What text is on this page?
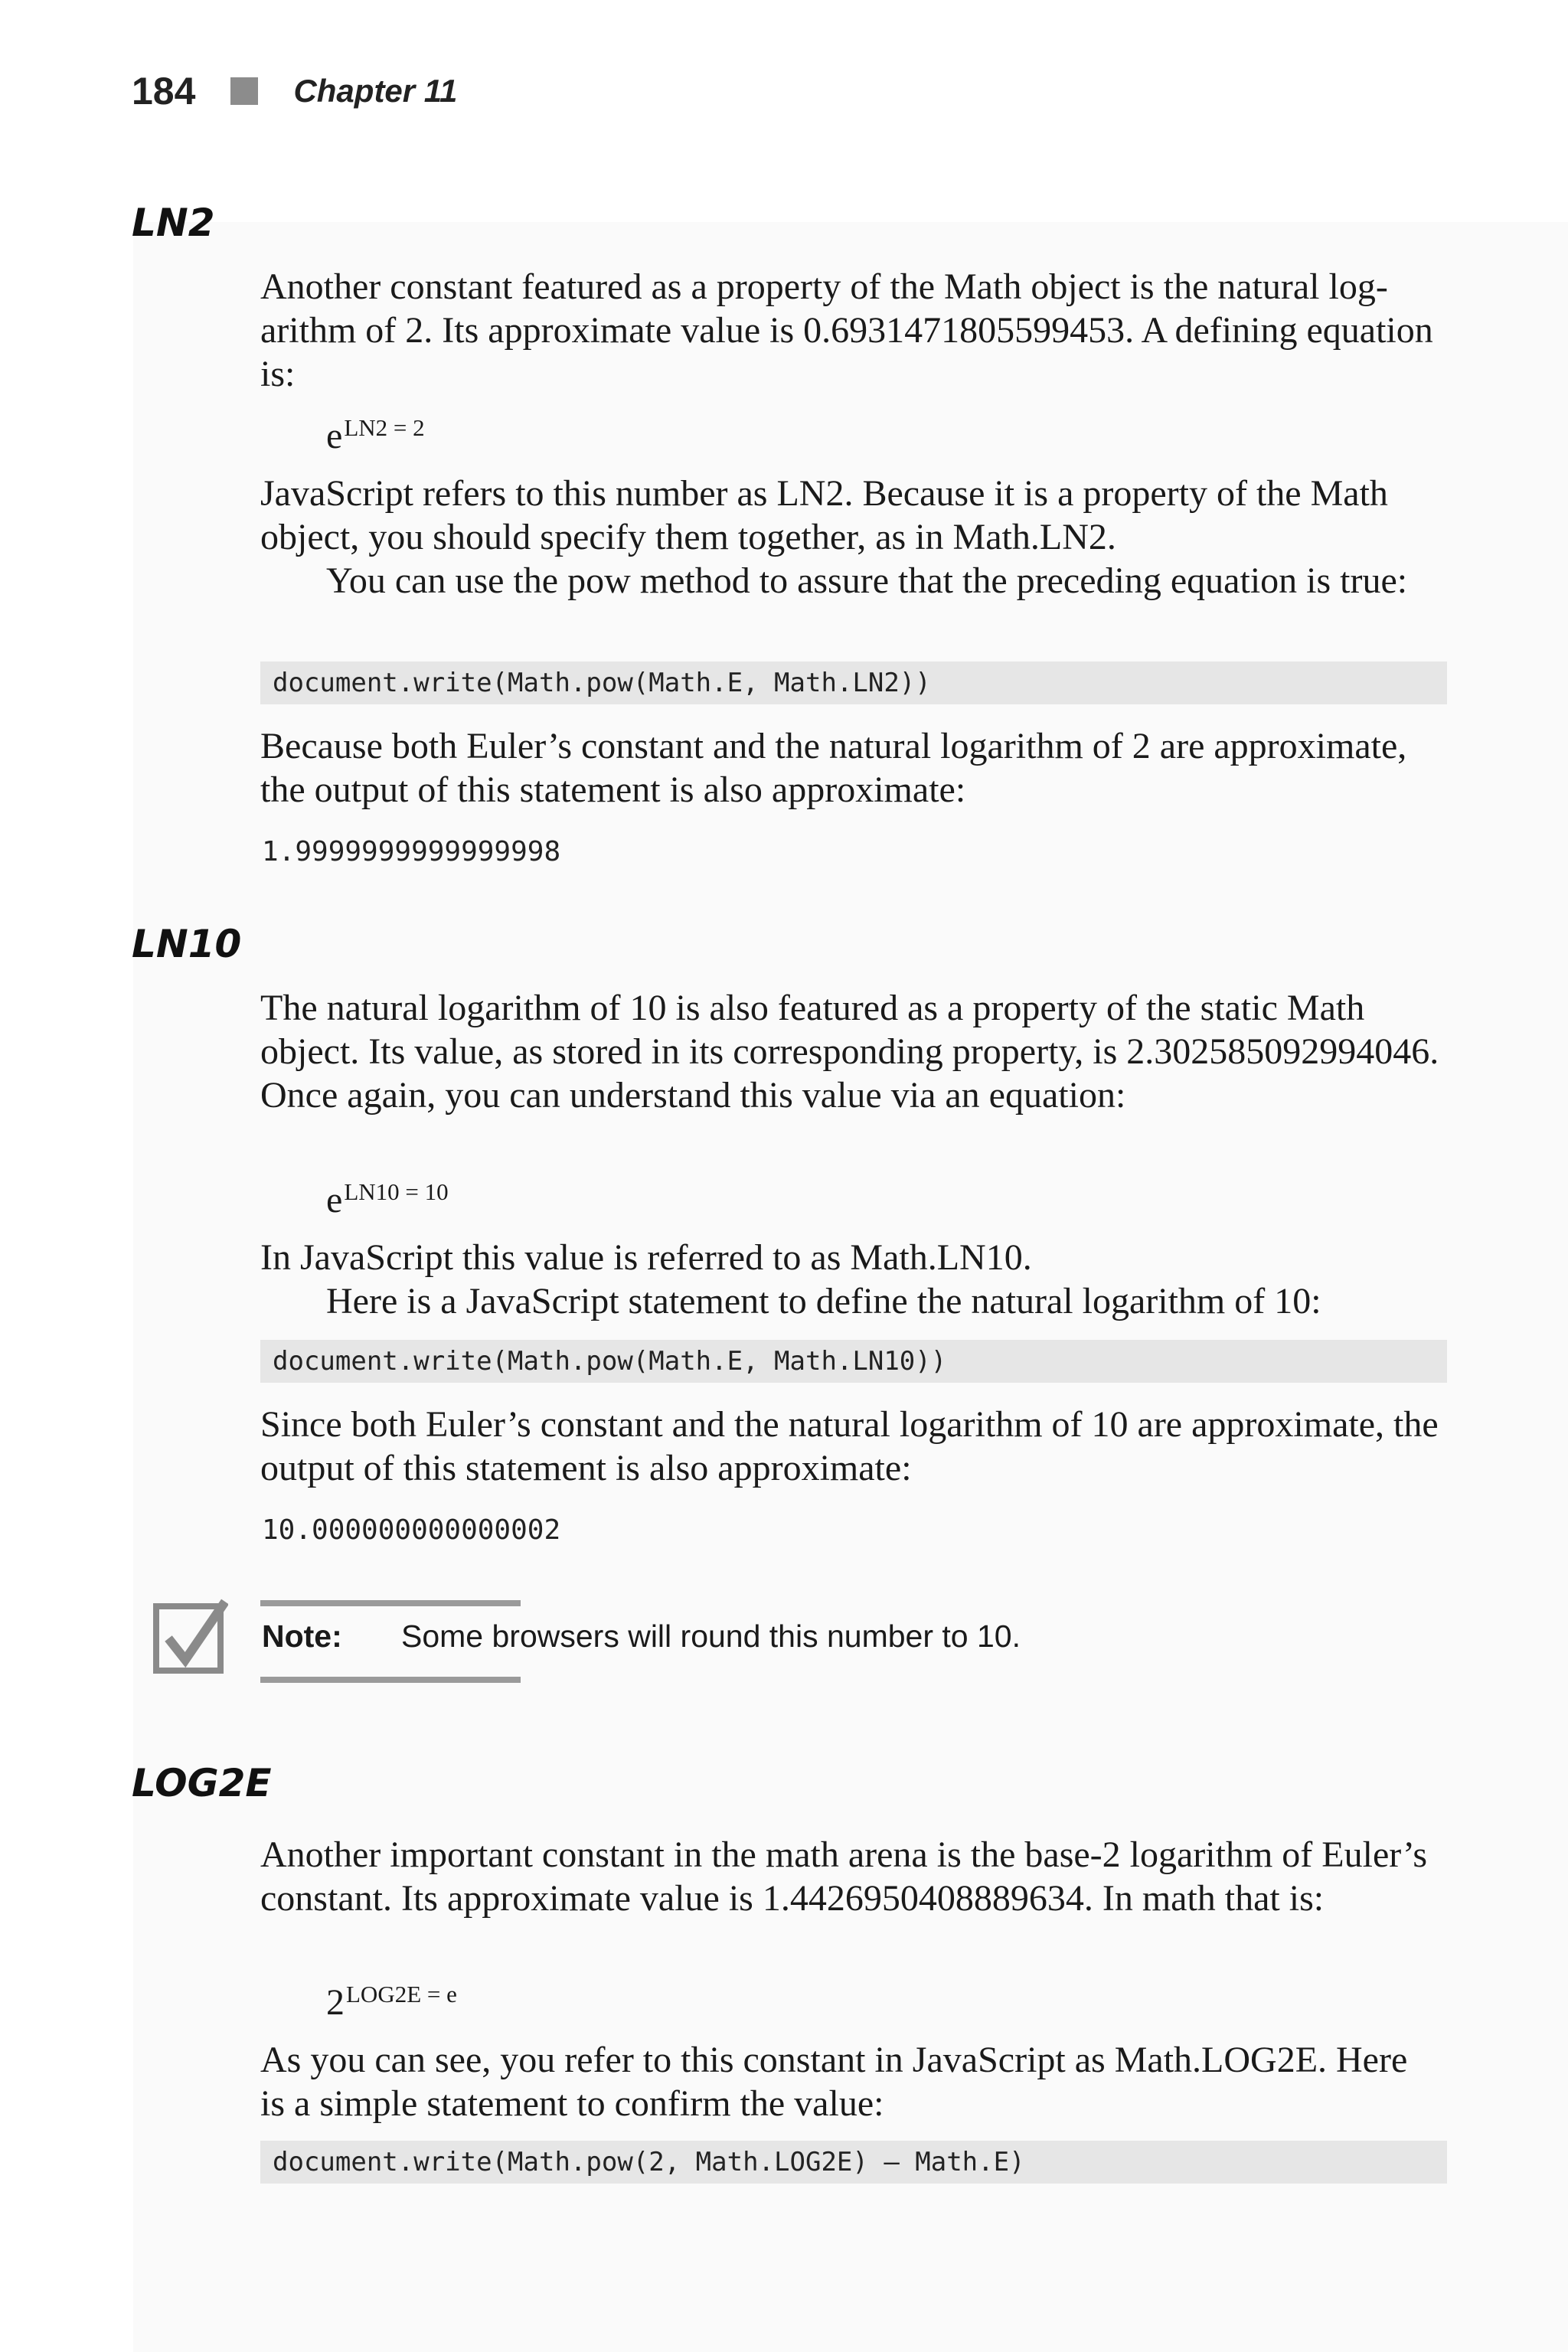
184	Chapter 11
LN2

Another constant featured as a property of the Math object is the natural logarithm of 2. Its approximate value is 0.6931471805599453. A defining equation is:

$e^{LN2 = 2}$

JavaScript refers to this number as LN2. Because it is a property of the Math object, you should specify them together, as in Math.LN2.

You can use the pow method to assure that the preceding equation is true:

document.write(Math.pow(Math.E, Math.LN2))

Because both Euler’s constant and the natural logarithm of 2 are approximate, the output of this statement is also approximate:

1.9999999999999998
LN10

The natural logarithm of 10 is also featured as a property of the static Math object. Its value, as stored in its corresponding property, is 2.302585092994046. Once again, you can understand this value via an equation:

$e^{LN10 = 10}$

In JavaScript this value is referred to as Math.LN10.

Here is a JavaScript statement to define the natural logarithm of 10:

document.write(Math.pow(Math.E, Math.LN10))

Since both Euler’s constant and the natural logarithm of 10 are approximate, the output of this statement is also approximate:

10.000000000000002
Note:	Some browsers will round this number to 10.
LOG2E

Another important constant in the math arena is the base-2 logarithm of Euler’s constant. Its approximate value is 1.4426950408889634. In math that is:

$2^{LOG2E = e}$

As you can see, you refer to this constant in JavaScript as Math.LOG2E. Here is a simple statement to confirm the value:

document.write(Math.pow(2, Math.LOG2E) – Math.E)
